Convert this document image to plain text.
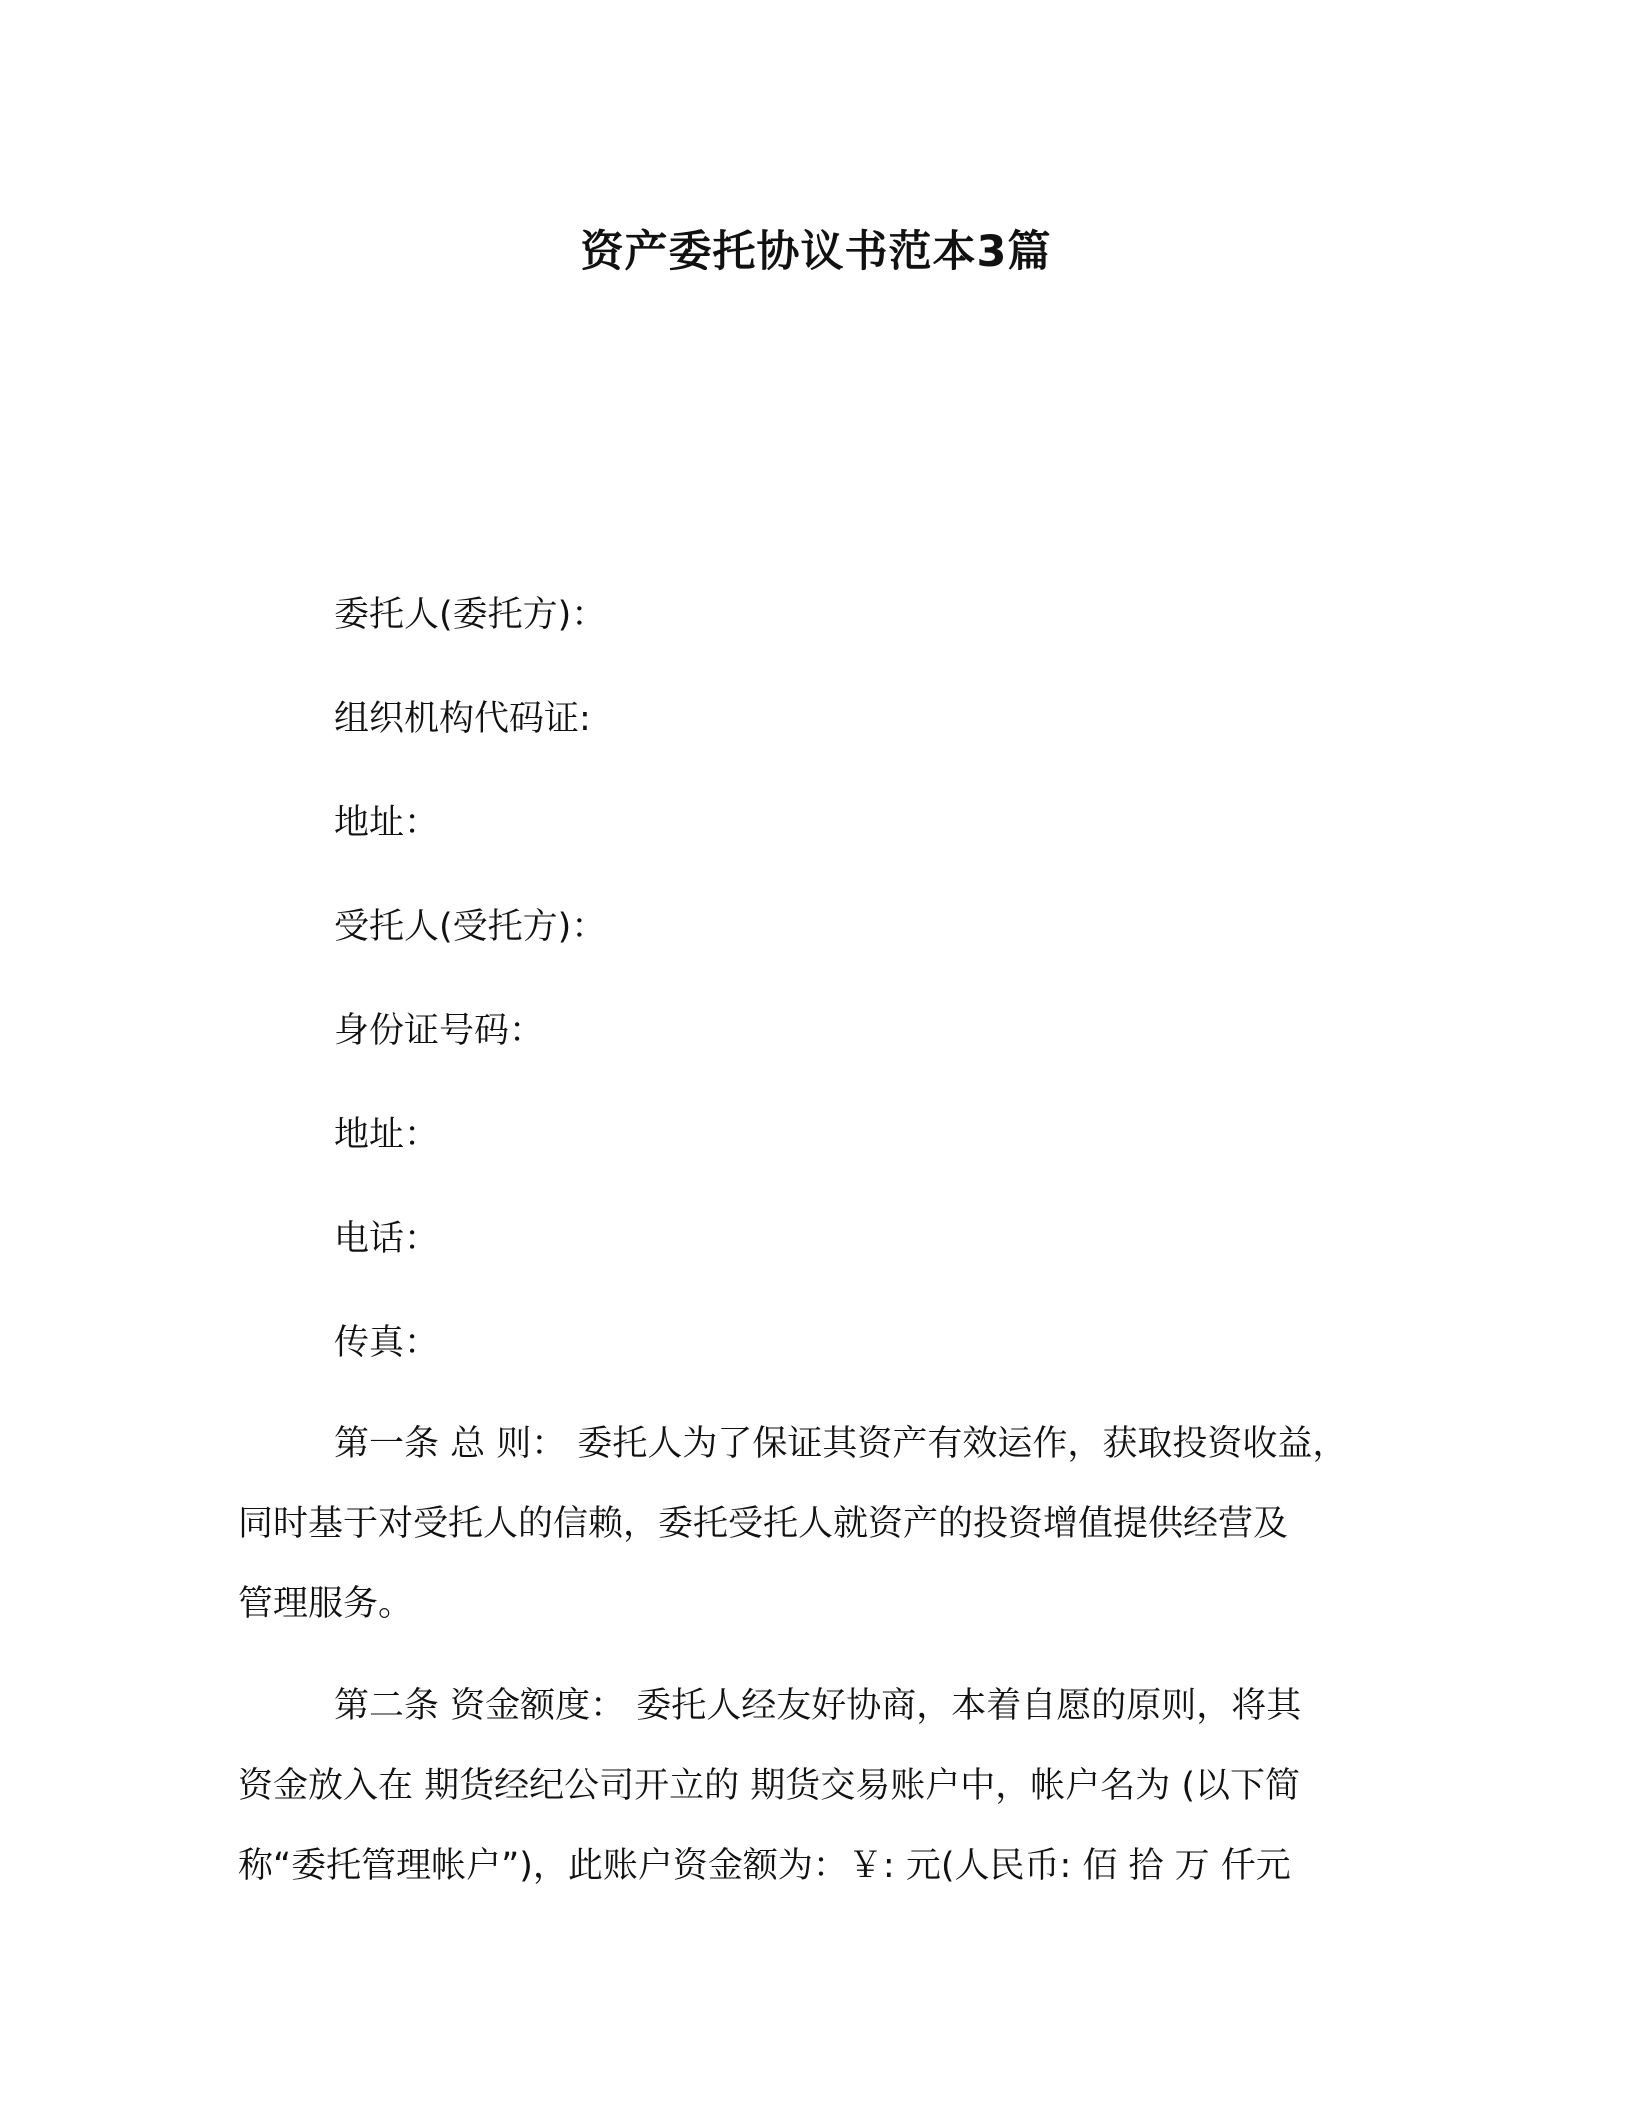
资产委托协议书范本3篇
委托人(委托方)：
组织机构代码证:
地址：
受托人(受托方)：
身份证号码：
地址：
电话：
传真：

第一条 总 则： 委托人为了保证其资产有效运作，获取投资收益，
同时基于对受托人的信赖，委托受托人就资产的投资增值提供经营及
管理服务。

第二条 资金额度： 委托人经友好协商，本着自愿的原则，将其
资金放入在 期货经纪公司开立的 期货交易账户中，帐户名为 (以下简
称“委托管理帐户”)，此账户资金额为：￥: 元(人民币: 佰 拾 万 仟元
